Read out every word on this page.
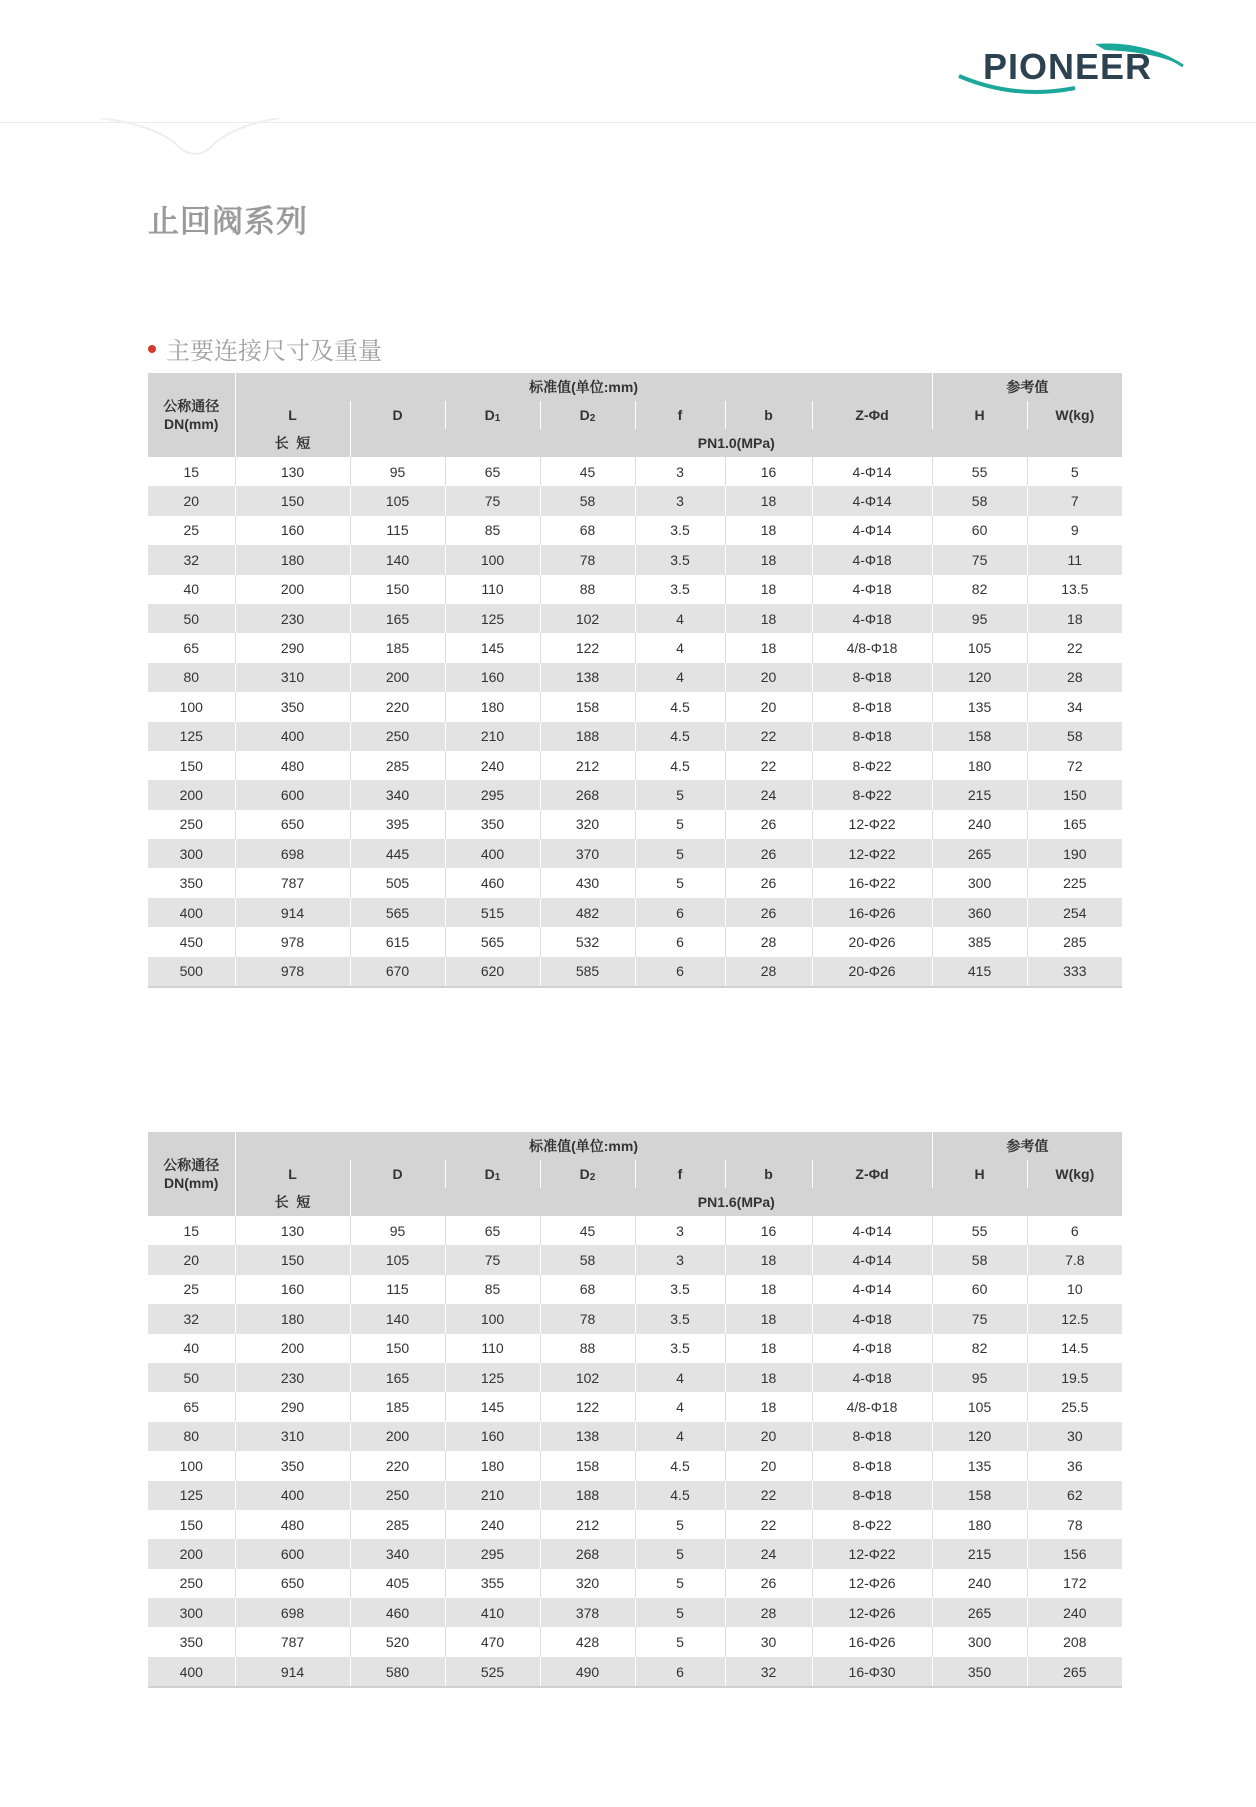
PIONEER
止回阀系列
主要连接尺寸及重量
公称通径
DN(mm)	标准值(单位:mm)							参考值	
	L	D	D1	D2	f	b	Z-Φd	H	W(kg)
	长  短	PN1.0(MPa)							
15	130	95	65	45	3	16	4-Φ14	55	5
20	150	105	75	58	3	18	4-Φ14	58	7
25	160	115	85	68	3.5	18	4-Φ14	60	9
32	180	140	100	78	3.5	18	4-Φ18	75	11
40	200	150	110	88	3.5	18	4-Φ18	82	13.5
50	230	165	125	102	4	18	4-Φ18	95	18
65	290	185	145	122	4	18	4/8-Φ18	105	22
80	310	200	160	138	4	20	8-Φ18	120	28
100	350	220	180	158	4.5	20	8-Φ18	135	34
125	400	250	210	188	4.5	22	8-Φ18	158	58
150	480	285	240	212	4.5	22	8-Φ22	180	72
200	600	340	295	268	5	24	8-Φ22	215	150
250	650	395	350	320	5	26	12-Φ22	240	165
300	698	445	400	370	5	26	12-Φ22	265	190
350	787	505	460	430	5	26	16-Φ22	300	225
400	914	565	515	482	6	26	16-Φ26	360	254
450	978	615	565	532	6	28	20-Φ26	385	285
500	978	670	620	585	6	28	20-Φ26	415	333
公称通径
DN(mm)	标准值(单位:mm)							参考值	
	L	D	D1	D2	f	b	Z-Φd	H	W(kg)
	长  短	PN1.6(MPa)							
15	130	95	65	45	3	16	4-Φ14	55	6
20	150	105	75	58	3	18	4-Φ14	58	7.8
25	160	115	85	68	3.5	18	4-Φ14	60	10
32	180	140	100	78	3.5	18	4-Φ18	75	12.5
40	200	150	110	88	3.5	18	4-Φ18	82	14.5
50	230	165	125	102	4	18	4-Φ18	95	19.5
65	290	185	145	122	4	18	4/8-Φ18	105	25.5
80	310	200	160	138	4	20	8-Φ18	120	30
100	350	220	180	158	4.5	20	8-Φ18	135	36
125	400	250	210	188	4.5	22	8-Φ18	158	62
150	480	285	240	212	5	22	8-Φ22	180	78
200	600	340	295	268	5	24	12-Φ22	215	156
250	650	405	355	320	5	26	12-Φ26	240	172
300	698	460	410	378	5	28	12-Φ26	265	240
350	787	520	470	428	5	30	16-Φ26	300	208
400	914	580	525	490	6	32	16-Φ30	350	265
